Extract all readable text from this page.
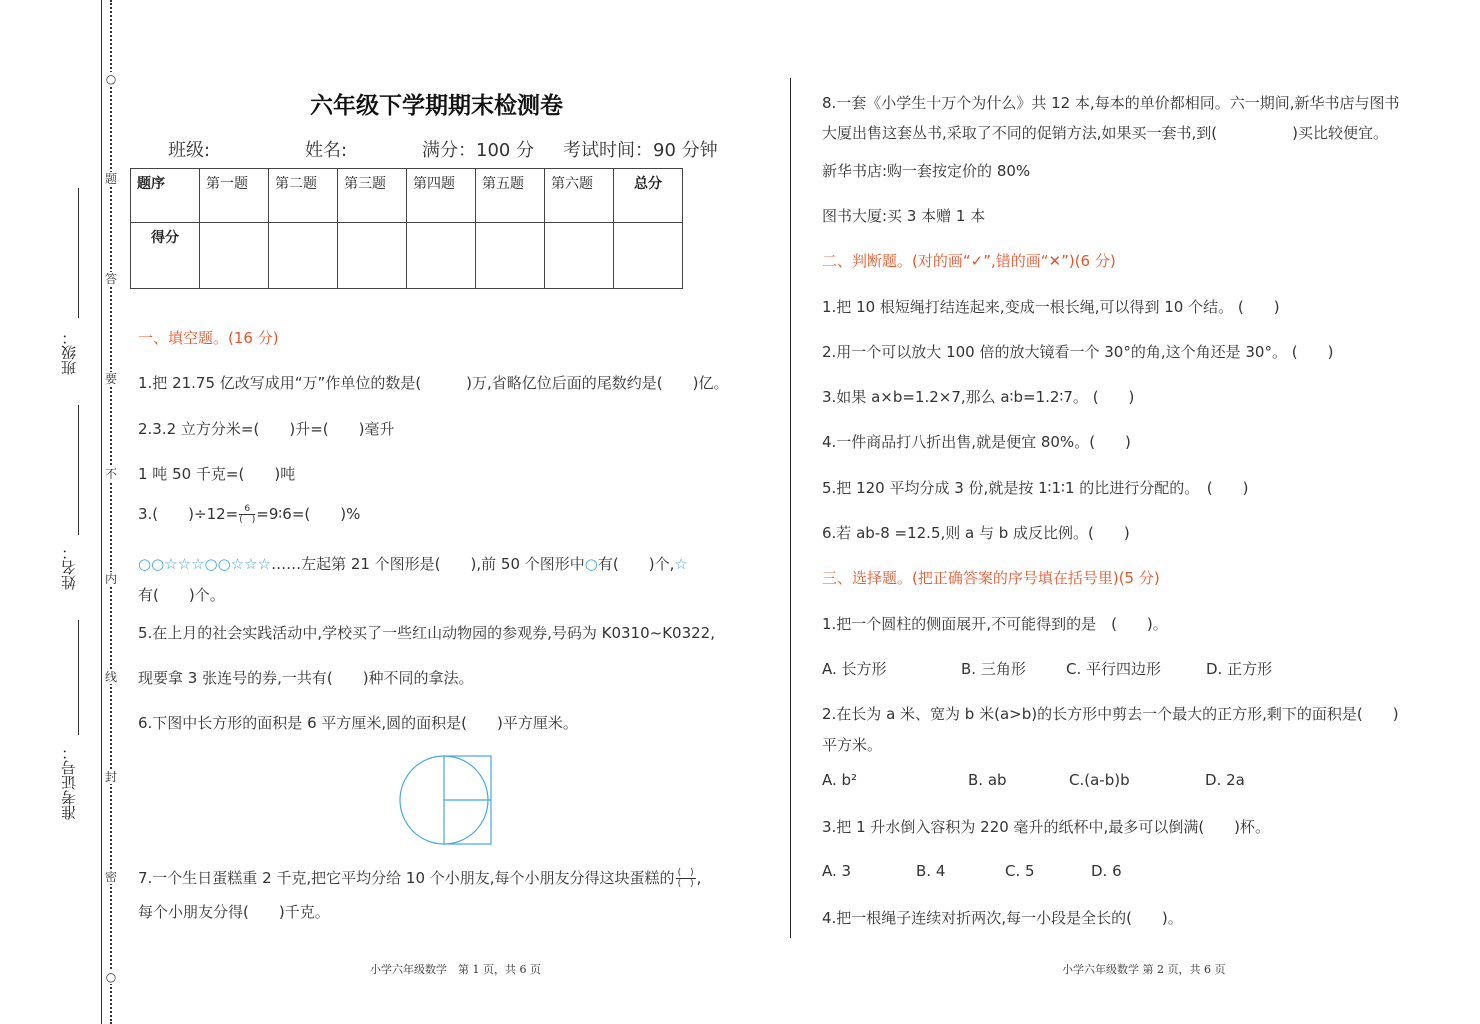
○
题
答
要
不
内
线
封
密
○
班级：
姓名：
准考证号：
六年级下学期期末检测卷
班级:	姓名:	满分：100 分 考试时间：90 分钟
题序	第一题	第二题	第三题	第四题	第五题	第六题	总分
得分							
一、填空题。(16 分)
1.把 21.75 亿改写成用“万”作单位的数是(　　　)万,省略亿位后面的尾数约是(　　)亿。
2.3.2 立方分米=(　　)升=(　　)毫升
1 吨 50 千克=(　　)吨
3.(　　)$\div 12= \frac{6}{( )}$ =9∶6=(　　)%
○○☆☆☆○○☆☆☆……左起第 21 个图形是(　　),前 50 个图形中○有(　　)个,☆
有(　　)个。
5.在上月的社会实践活动中,学校买了一些红山动物园的参观券,号码为 K0310~K0322,
现要拿 3 张连号的券,一共有(　　)种不同的拿法。
6.下图中长方形的面积是 6 平方厘米,圆的面积是(　　)平方厘米。
7.一个生日蛋糕重 2 千克,把它平均分给 10 个小朋友,每个小朋友分得这块蛋糕的 $\frac{( )}{( )}$ ,
每个小朋友分得(　　)千克。
小学六年级数学　第 1 页，共 6 页
8.一套《小学生十万个为什么》共 12 本,每本的单价都相同。六一期间,新华书店与图书
大厦出售这套丛书,采取了不同的促销方法,如果买一套书,到(　　　　　)买比较便宜。
新华书店:购一套按定价的 80%
图书大厦:买 3 本赠 1 本
二、判断题。(对的画“✓”,错的画“✕”)(6 分)
1.把 10 根短绳打结连起来,变成一根长绳,可以得到 10 个结。 (　　)
2.用一个可以放大 100 倍的放大镜看一个 30°的角,这个角还是 30°。 (　　)
3.如果 a×b=1.2×7,那么 a∶b=1.2∶7。 (　　)
4.一件商品打八折出售,就是便宜 80%。(　　)
5.把 120 平均分成 3 份,就是按 1∶1∶1 的比进行分配的。　(　　)
6.若 ab-8 =12.5,则 a 与 b 成反比例。(　　)
三、选择题。(把正确答案的序号填在括号里)(5 分)
1.把一个圆柱的侧面展开,不可能得到的是　(　　)。
A. 长方形	B. 三角形	C. 平行四边形	D. 正方形
2.在长为 a 米、宽为 b 米(a>b)的长方形中剪去一个最大的正方形,剩下的面积是(　　)
平方米。
A. b²	B. ab	C.(a-b)b	D. 2a
3.把 1 升水倒入容积为 220 毫升的纸杯中,最多可以倒满(　　)杯。
A. 3	B. 4	C. 5	D. 6
4.把一根绳子连续对折两次,每一小段是全长的(　　)。
小学六年级数学 第 2 页，共 6 页
